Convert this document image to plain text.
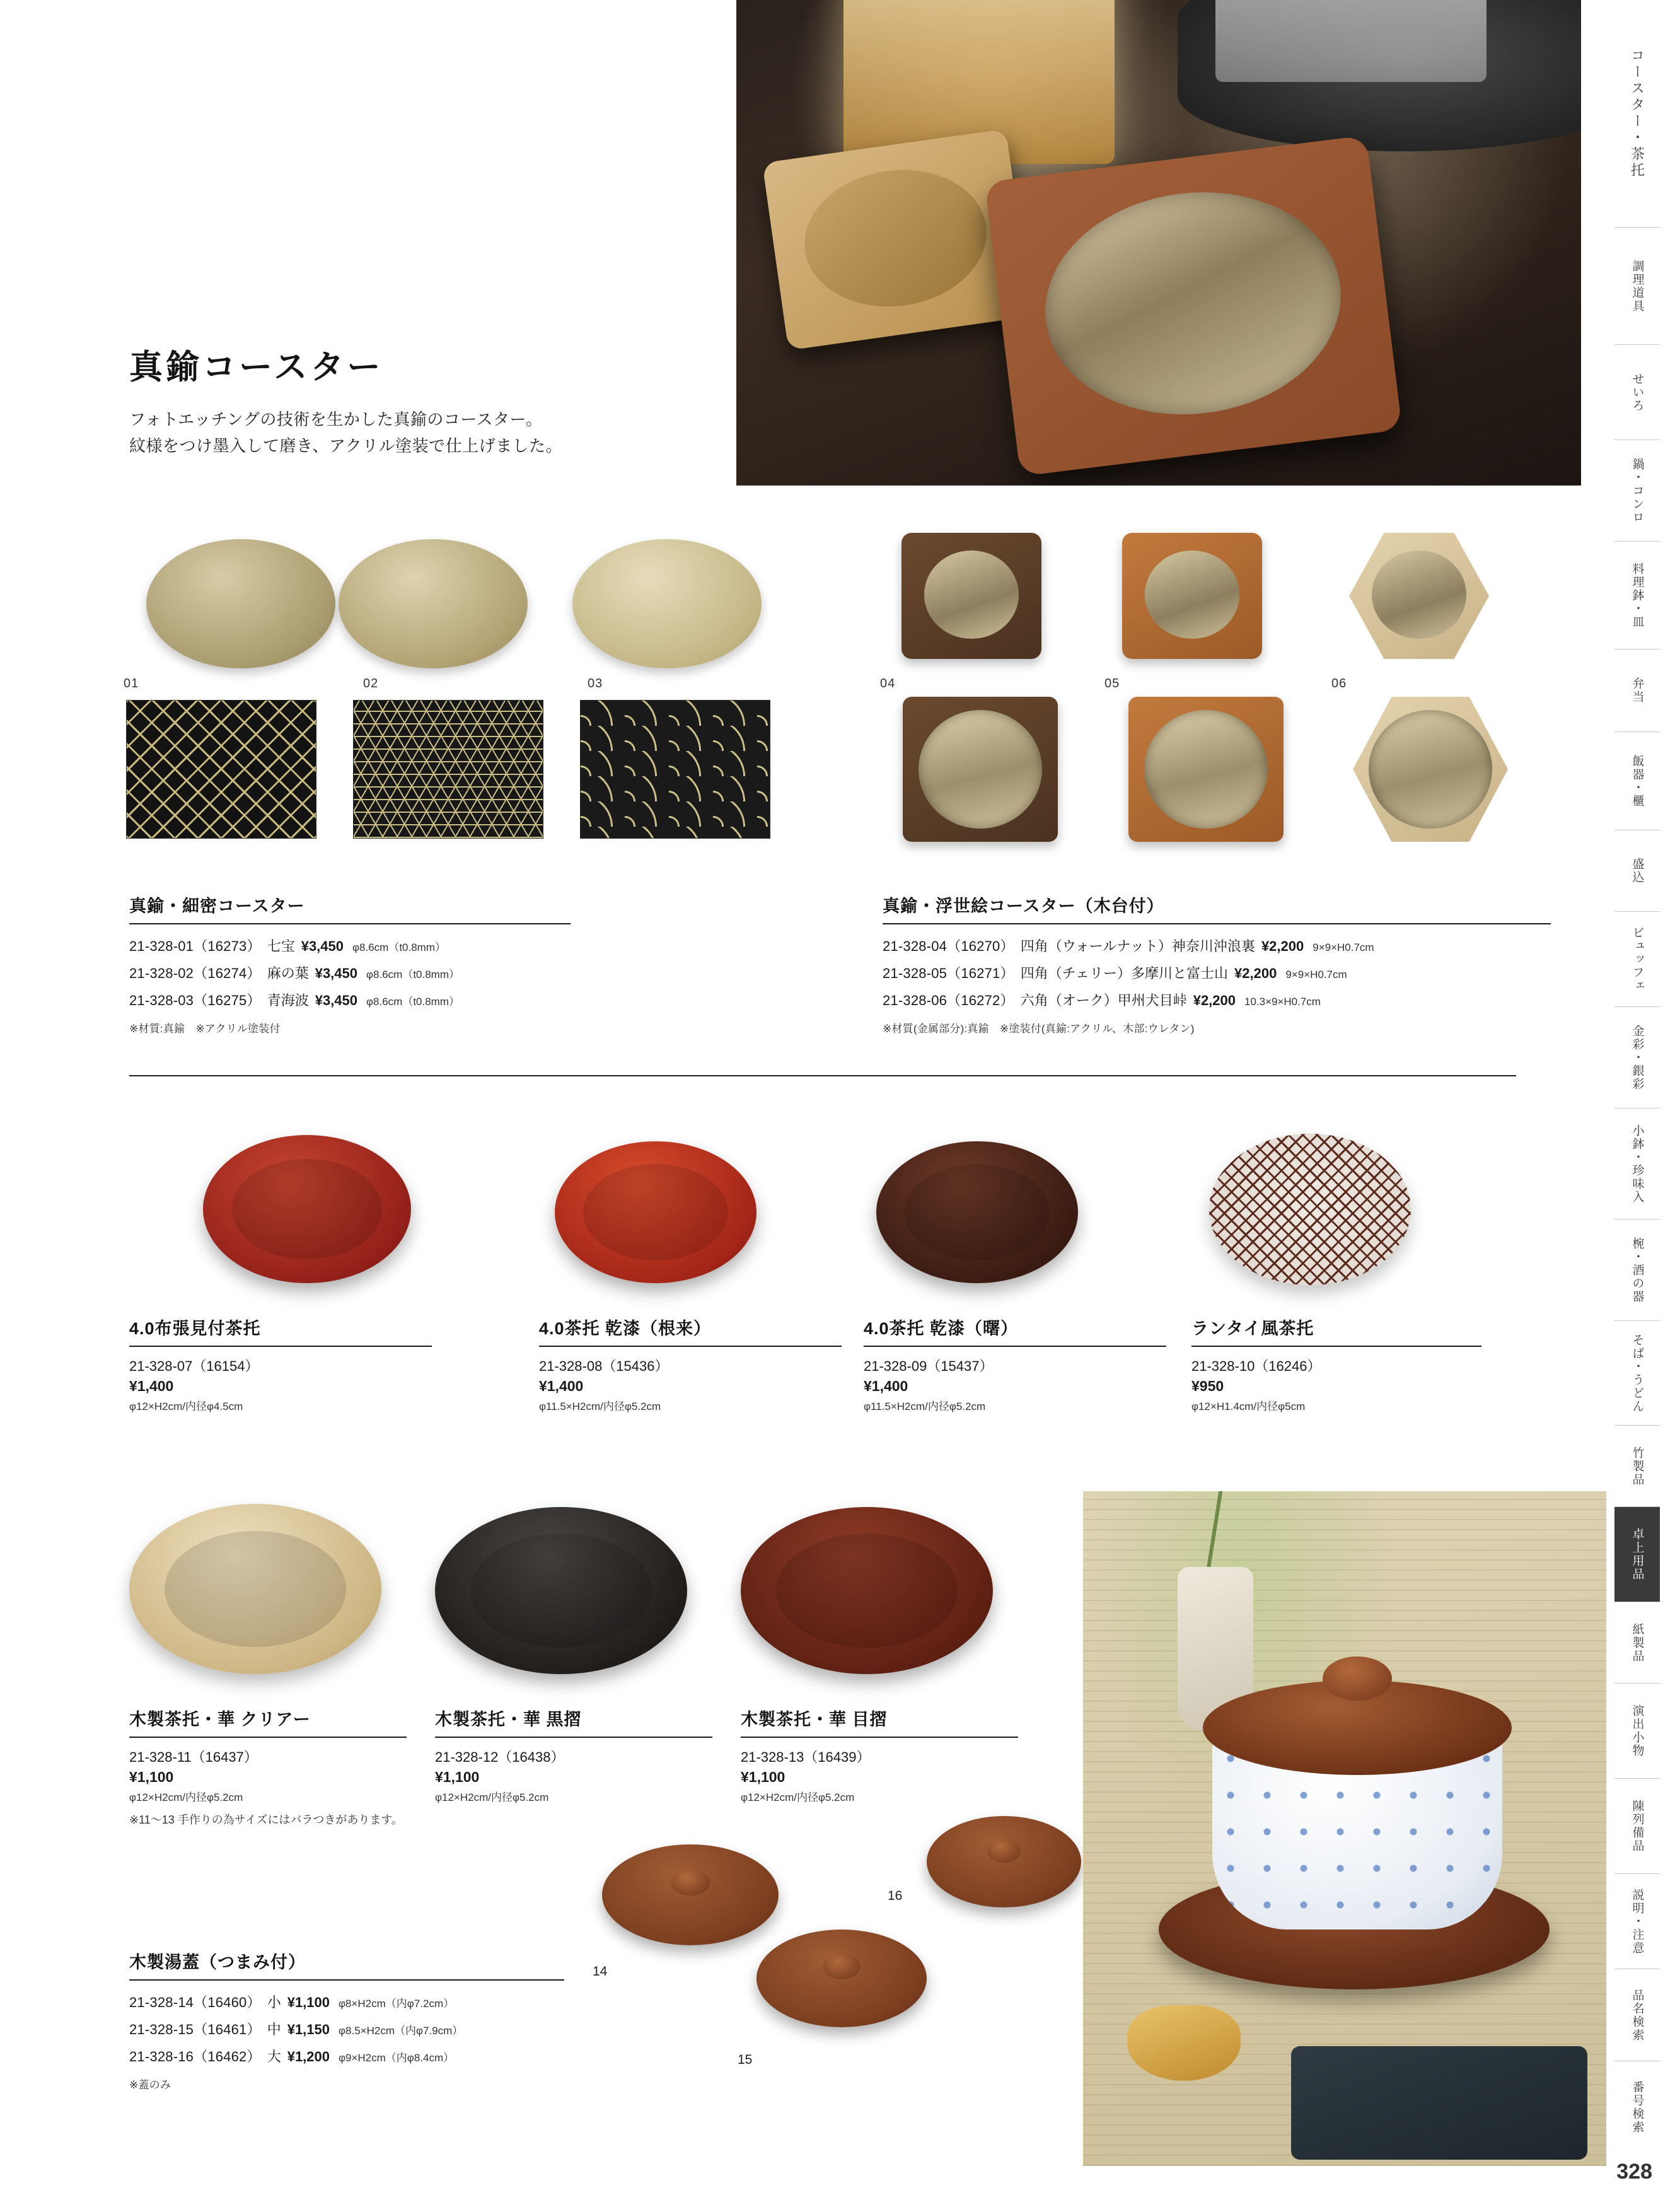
コースター・茶托
調理道具
せいろ
鍋・コンロ
料理鉢・皿
弁当
飯器・櫃
盛込
ビュッフェ
金彩・銀彩
小鉢・珍味入
椀・酒の器
そば・うどん
竹製品
卓上用品
紙製品
演出小物
陳列備品
説明・注意
品名検索
番号検索
真鍮コースター

フォトエッチングの技術を生かした真鍮のコースター。
紋様をつけ墨入して磨き、アクリル塗装で仕上げました。

01	02	03	04	05	06
真鍮・細密コースター
21-328-01（16273） 七宝 ¥3,450 φ8.6cm（t0.8mm）
21-328-02（16274） 麻の葉 ¥3,450 φ8.6cm（t0.8mm）
21-328-03（16275） 青海波 ¥3,450 φ8.6cm（t0.8mm）
※材質:真鍮　※アクリル塗装付
真鍮・浮世絵コースター（木台付）
21-328-04（16270） 四角（ウォールナット）神奈川沖浪裏 ¥2,200 9×9×H0.7cm
21-328-05（16271） 四角（チェリー）多摩川と富士山 ¥2,200 9×9×H0.7cm
21-328-06（16272） 六角（オーク）甲州犬目峠 ¥2,200 10.3×9×H0.7cm
※材質(金属部分):真鍮　※塗装付(真鍮:アクリル、木部:ウレタン)
4.0布張見付茶托
21-328-07（16154）
¥1,400
φ12×H2cm/内径φ4.5cm
4.0茶托 乾漆（根来）
21-328-08（15436）
¥1,400
φ11.5×H2cm/内径φ5.2cm
4.0茶托 乾漆（曙）
21-328-09（15437）
¥1,400
φ11.5×H2cm/内径φ5.2cm
ランタイ風茶托
21-328-10（16246）
¥950
φ12×H1.4cm/内径φ5cm
木製茶托・華 クリアー
21-328-11（16437）
¥1,100
φ12×H2cm/内径φ5.2cm
木製茶托・華 黒摺
21-328-12（16438）
¥1,100
φ12×H2cm/内径φ5.2cm
木製茶托・華 目摺
21-328-13（16439）
¥1,100
φ12×H2cm/内径φ5.2cm
※11〜13 手作りの為サイズにはバラつきがあります。
14
15
16
木製湯蓋（つまみ付）
21-328-14（16460） 小 ¥1,100 φ8×H2cm（内φ7.2cm）
21-328-15（16461） 中 ¥1,150 φ8.5×H2cm（内φ7.9cm）
21-328-16（16462） 大 ¥1,200 φ9×H2cm（内φ8.4cm）
※蓋のみ
328
